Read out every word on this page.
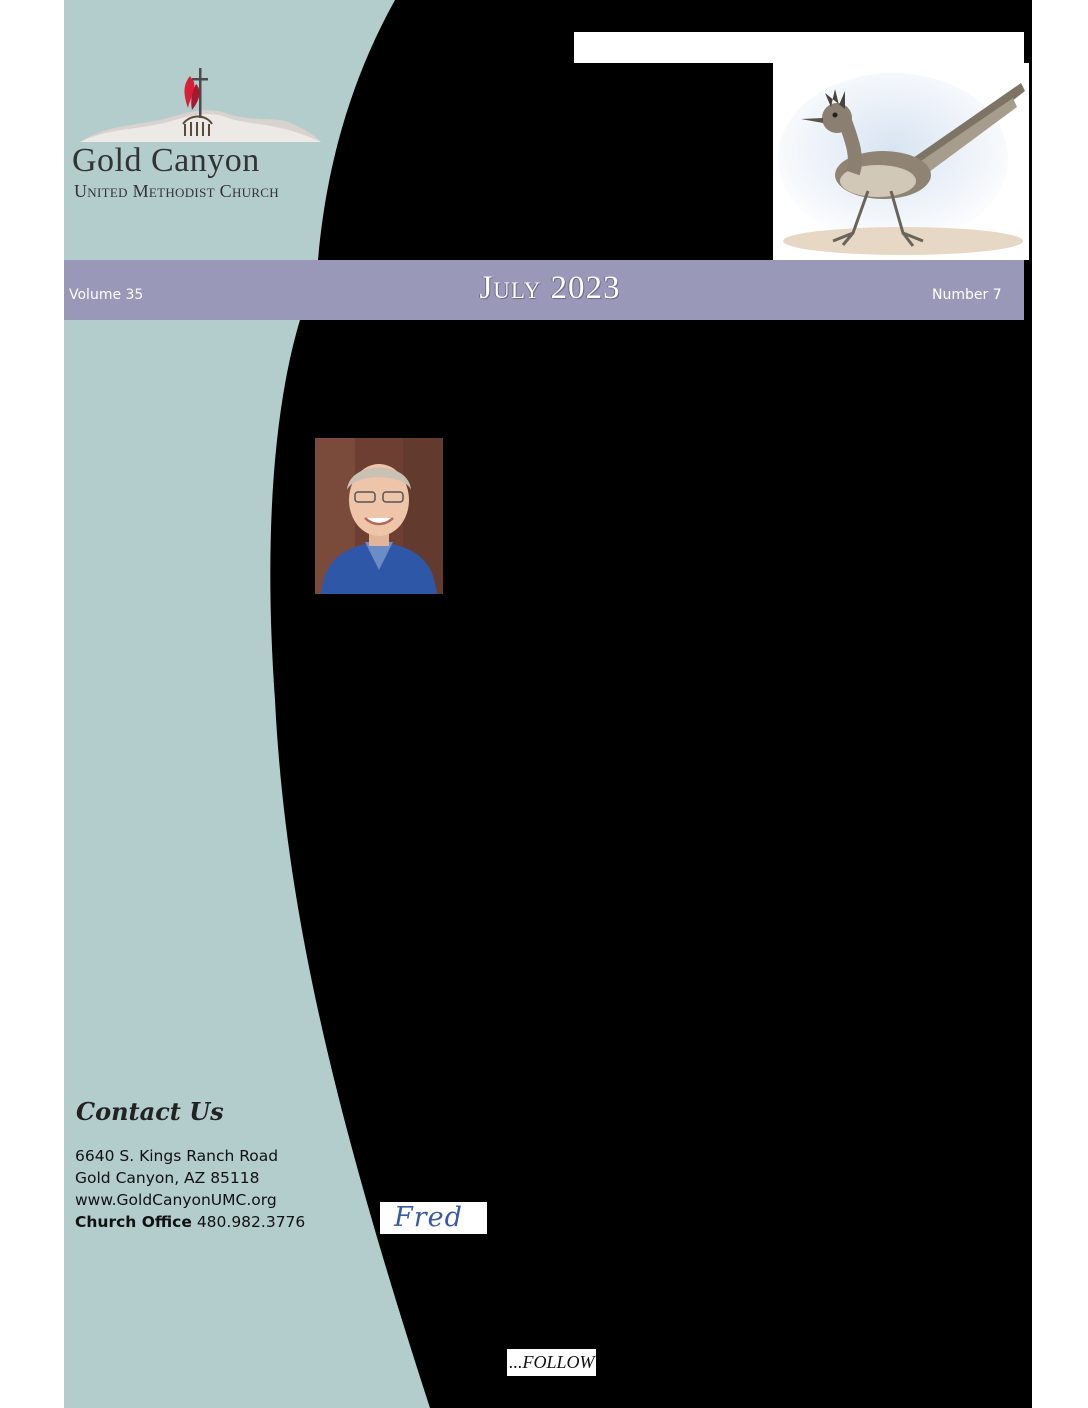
Gold Canyon
United Methodist Church
Volume 35	July 2023	Number 7
Contact Us
6640 S. Kings Ranch Road
Gold Canyon, AZ 85118
www.GoldCanyonUMC.org
Church Office 480.982.3776	Fred
...FOLLOW
